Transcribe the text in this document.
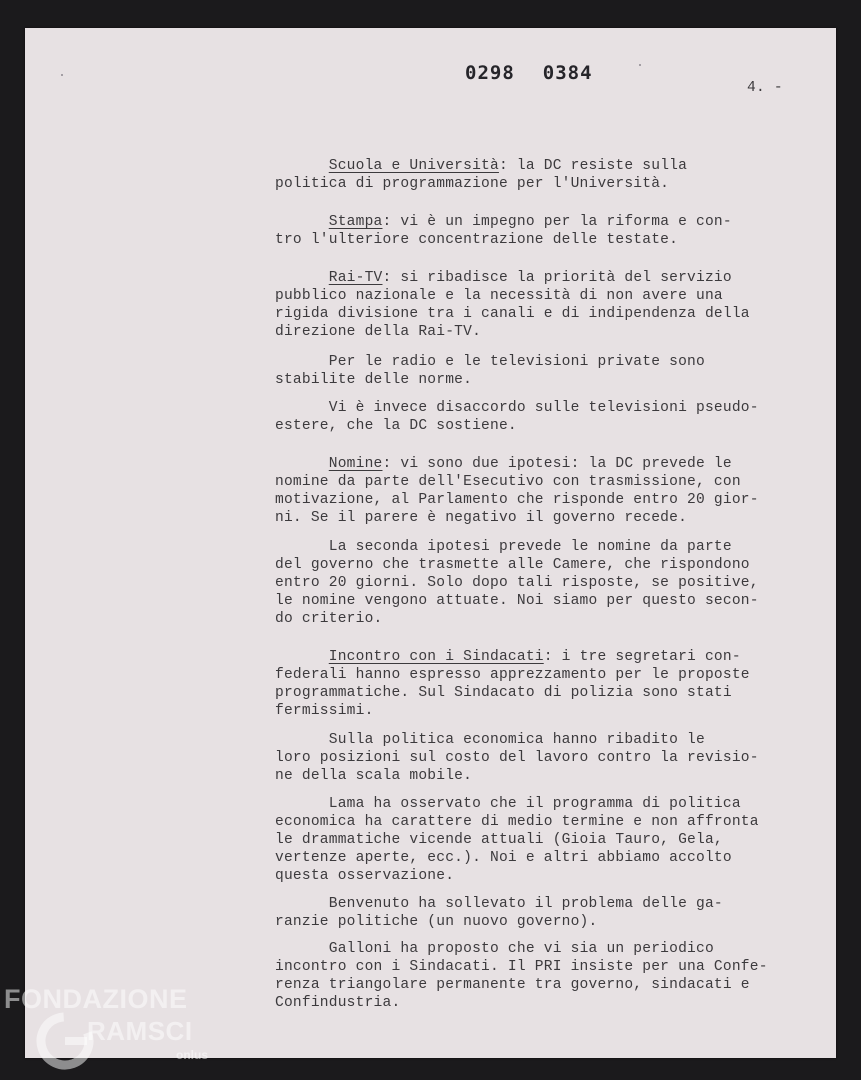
0298 0384
4. -
Scuola e Università: la DC resiste sulla
politica di programmazione per l'Università.
Stampa: vi è un impegno per la riforma e con-
tro l'ulteriore concentrazione delle testate.
Rai-TV: si ribadisce la priorità del servizio
pubblico nazionale e la necessità di non avere una
rigida divisione tra i canali e di indipendenza della
direzione della Rai-TV.
Per le radio e le televisioni private sono
stabilite delle norme.
Vi è invece disaccordo sulle televisioni pseudo-
estere, che la DC sostiene.
Nomine: vi sono due ipotesi: la DC prevede le
nomine da parte dell'Esecutivo con trasmissione, con
motivazione, al Parlamento che risponde entro 20 gior-
ni. Se il parere è negativo il governo recede.
La seconda ipotesi prevede le nomine da parte
del governo che trasmette alle Camere, che rispondono
entro 20 giorni. Solo dopo tali risposte, se positive,
le nomine vengono attuate. Noi siamo per questo secon-
do criterio.
Incontro con i Sindacati: i tre segretari con-
federali hanno espresso apprezzamento per le proposte
programmatiche. Sul Sindacato di polizia sono stati
fermissimi.
Sulla politica economica hanno ribadito le
loro posizioni sul costo del lavoro contro la revisio-
ne della scala mobile.
Lama ha osservato che il programma di politica
economica ha carattere di medio termine e non affronta
le drammatiche vicende attuali (Gioia Tauro, Gela,
vertenze aperte, ecc.). Noi e altri abbiamo accolto
questa osservazione.
Benvenuto ha sollevato il problema delle ga-
ranzie politiche (un nuovo governo).
Galloni ha proposto che vi sia un periodico
incontro con i Sindacati. Il PRI insiste per una Confe-
renza triangolare permanente tra governo, sindacati e
Confindustria.
FONDAZIONE
RAMSCI
onlus
